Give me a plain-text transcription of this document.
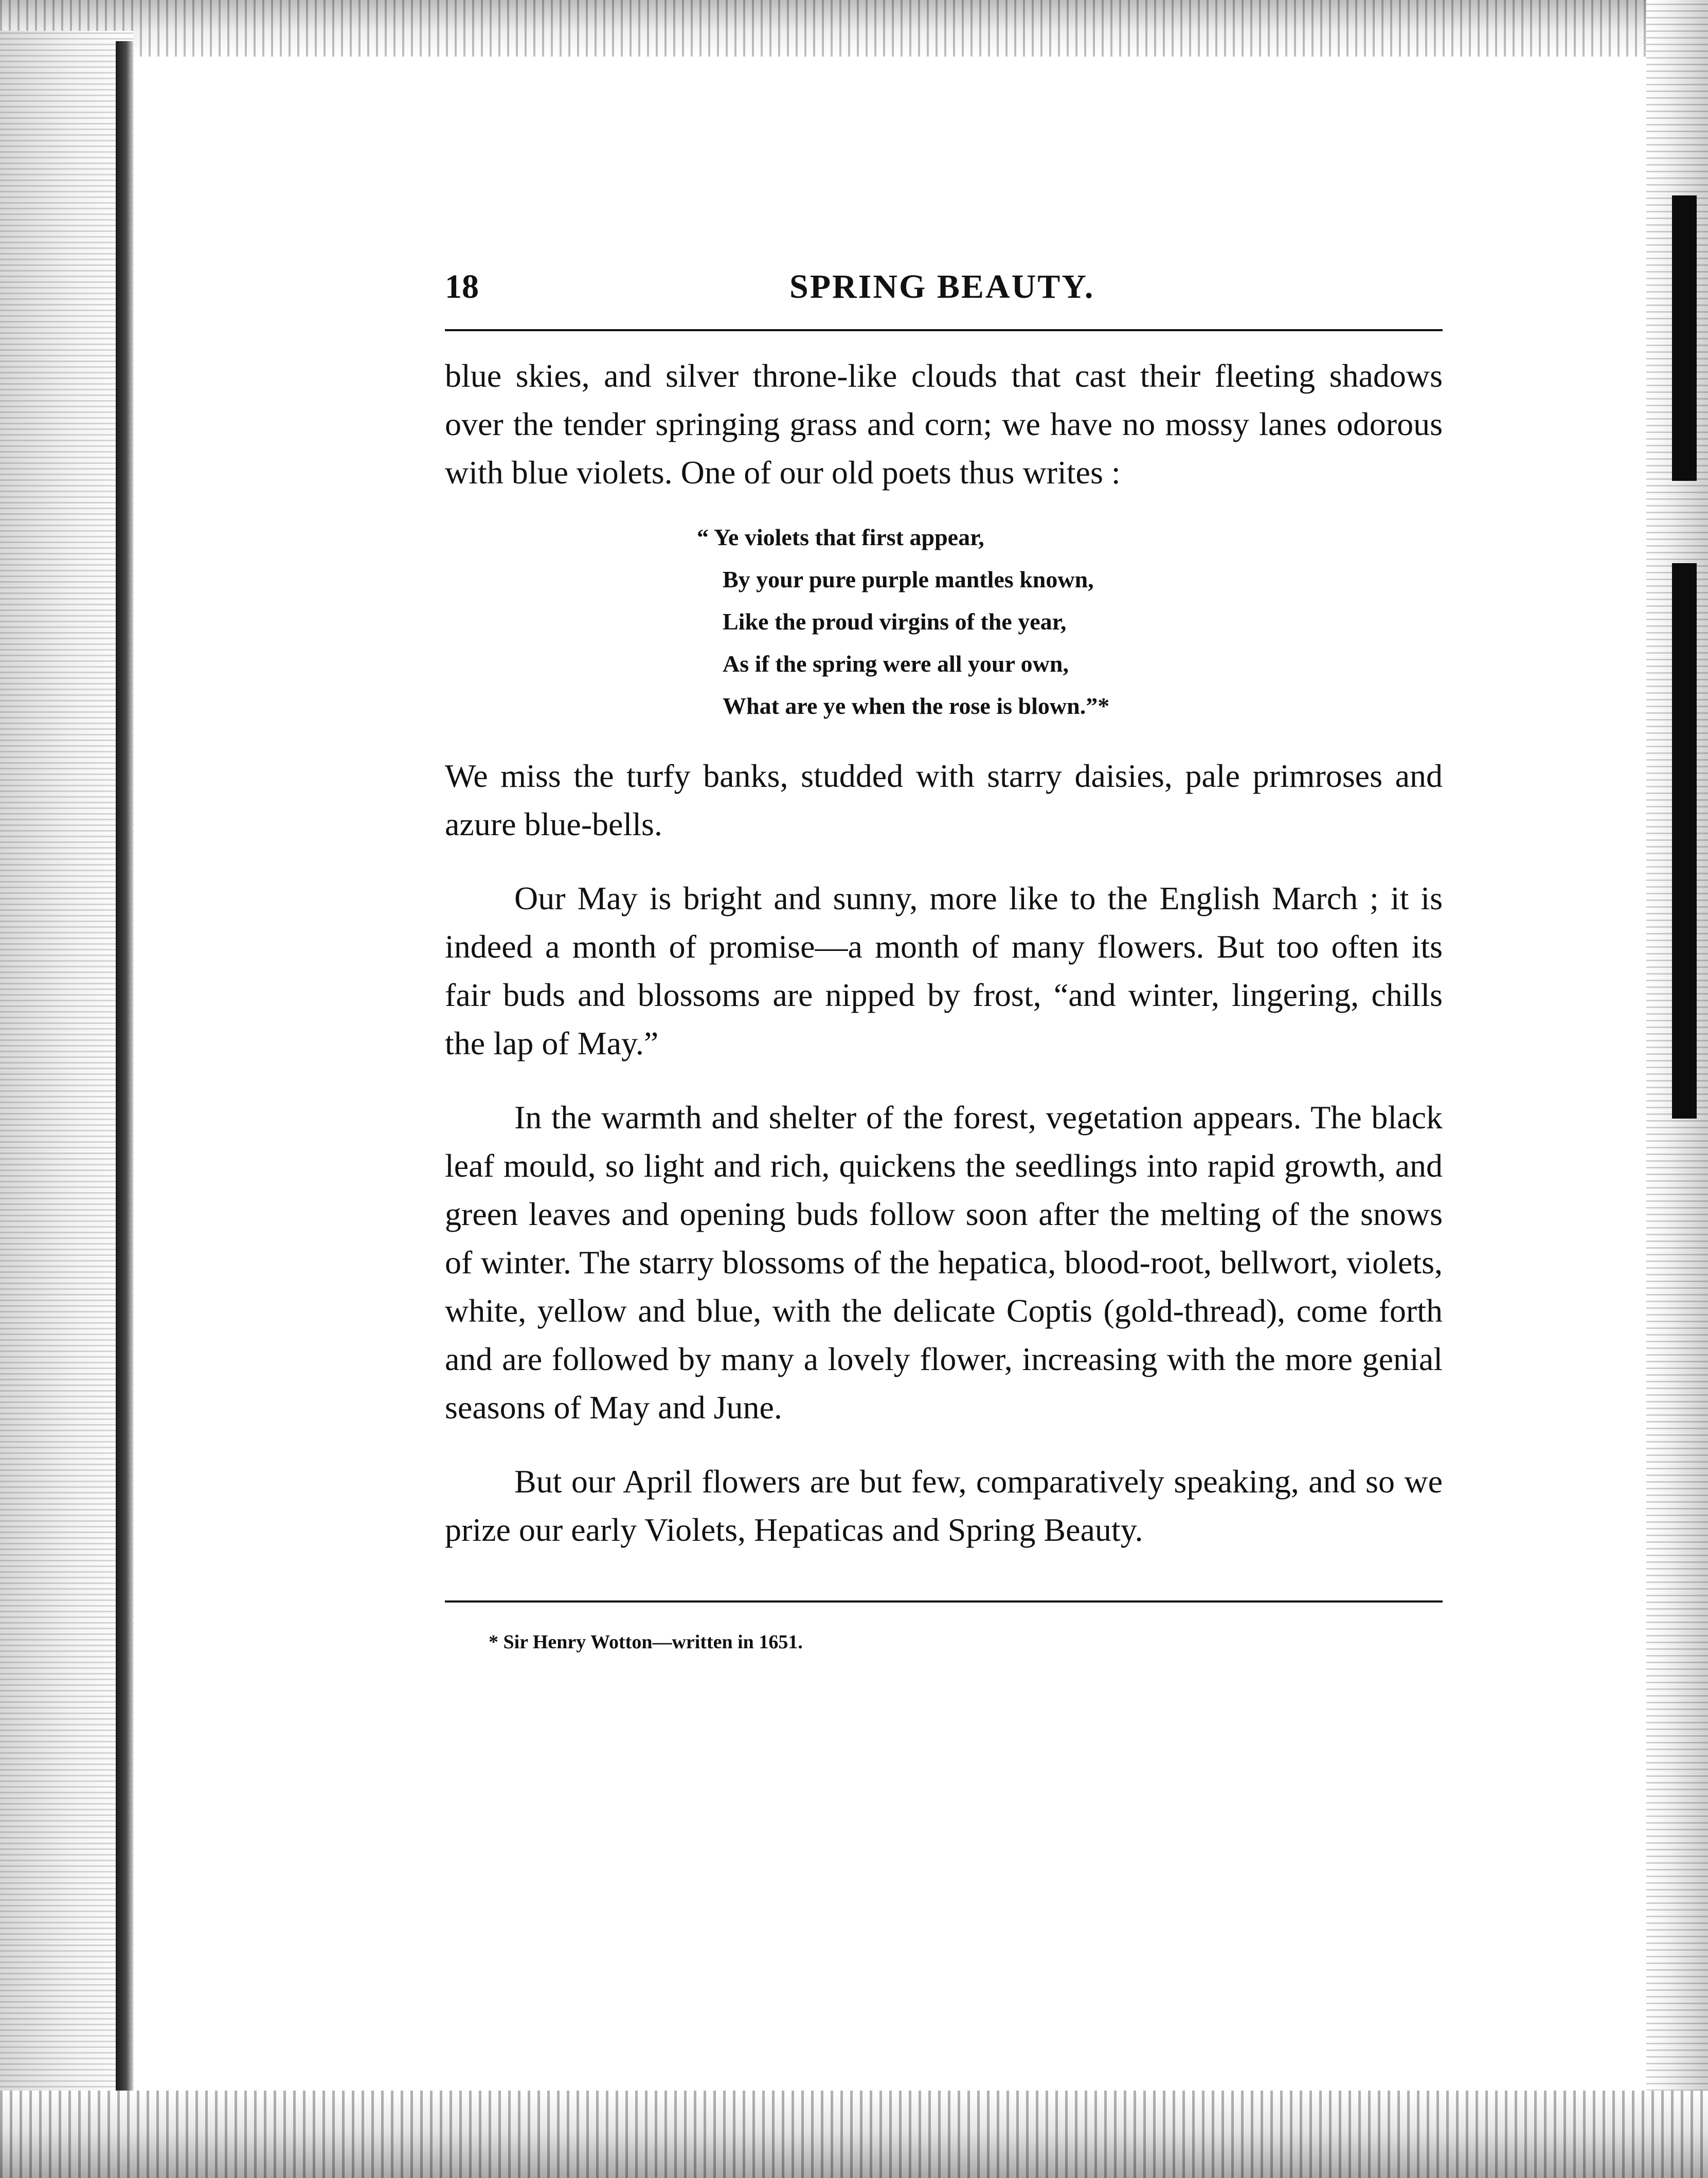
18	SPRING BEAUTY.

blue skies, and silver throne-like clouds that cast their fleeting shadows over the tender springing grass and corn; we have no mossy lanes odorous with blue violets. One of our old poets thus writes :

“ Ye violets that first appear,
By your pure purple mantles known,
Like the proud virgins of the year,
As if the spring were all your own,
What are ye when the rose is blown.”*

We miss the turfy banks, studded with starry daisies, pale primroses and azure blue-bells.

Our May is bright and sunny, more like to the English March ; it is indeed a month of promise—a month of many flowers. But too often its fair buds and blossoms are nipped by frost, “and winter, lingering, chills the lap of May.”

In the warmth and shelter of the forest, vegetation appears. The black leaf mould, so light and rich, quickens the seedlings into rapid growth, and green leaves and opening buds follow soon after the melting of the snows of winter. The starry blossoms of the hepatica, blood-root, bellwort, violets, white, yellow and blue, with the delicate Coptis (gold-thread), come forth and are followed by many a lovely flower, increasing with the more genial seasons of May and June.

But our April flowers are but few, comparatively speaking, and so we prize our early Violets, Hepaticas and Spring Beauty.

* Sir Henry Wotton—written in 1651.
